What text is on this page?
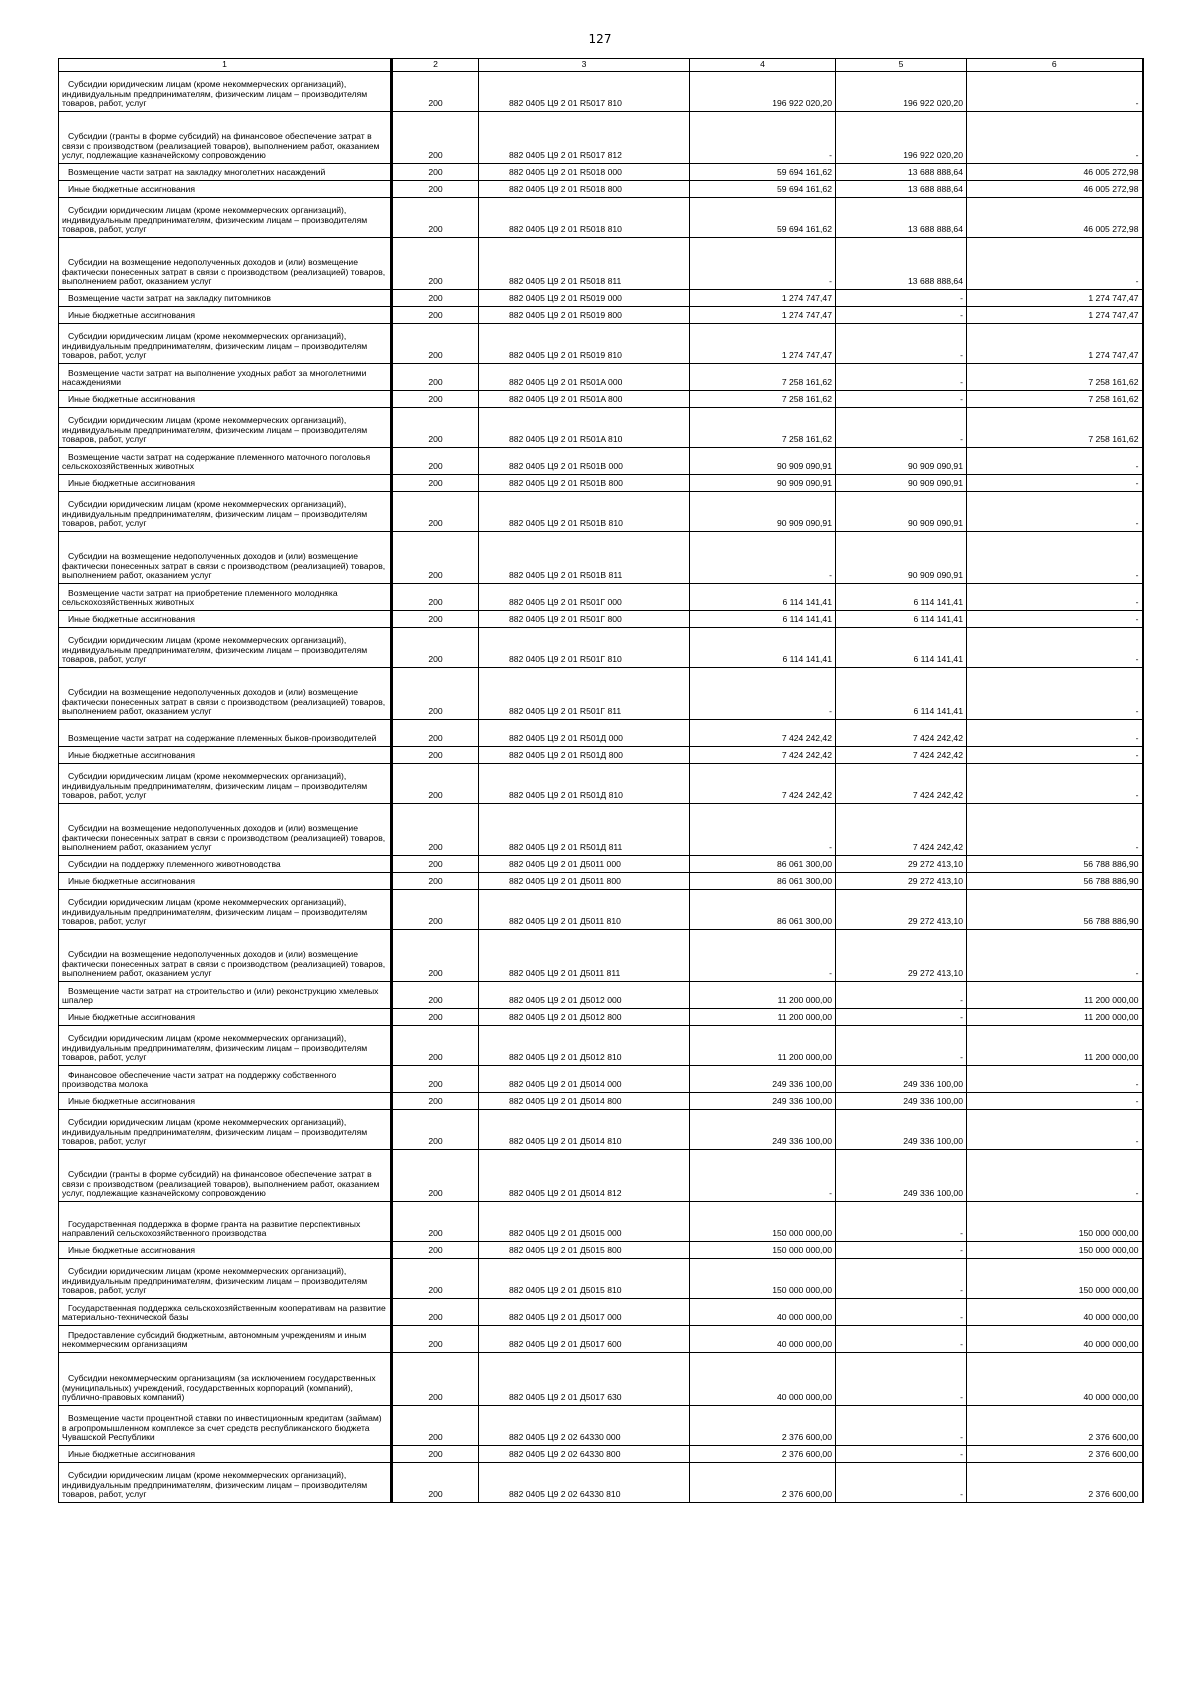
127
1	2	3	4	5	6
Субсидии юридическим лицам (кроме некоммерческих организаций), индивидуальным предпринимателям, физическим лицам – производителям товаров, работ, услуг	200	882 0405 Ц9 2 01 R5017 810	196 922 020,20	196 922 020,20	-
Субсидии (гранты в форме субсидий) на финансовое обеспечение затрат в связи с производством (реализацией товаров), выполнением работ, оказанием услуг, подлежащие казначейскому сопровождению	200	882 0405 Ц9 2 01 R5017 812	-	196 922 020,20	-
Возмещение части затрат на закладку многолетних насаждений	200	882 0405 Ц9 2 01 R5018 000	59 694 161,62	13 688 888,64	46 005 272,98
Иные бюджетные ассигнования	200	882 0405 Ц9 2 01 R5018 800	59 694 161,62	13 688 888,64	46 005 272,98
Субсидии юридическим лицам (кроме некоммерческих организаций), индивидуальным предпринимателям, физическим лицам – производителям товаров, работ, услуг	200	882 0405 Ц9 2 01 R5018 810	59 694 161,62	13 688 888,64	46 005 272,98
Субсидии на возмещение недополученных доходов и (или) возмещение фактически понесенных затрат в связи с производством (реализацией) товаров, выполнением работ, оказанием услуг	200	882 0405 Ц9 2 01 R5018 811	-	13 688 888,64	-
Возмещение части затрат на закладку питомников	200	882 0405 Ц9 2 01 R5019 000	1 274 747,47	-	1 274 747,47
Иные бюджетные ассигнования	200	882 0405 Ц9 2 01 R5019 800	1 274 747,47	-	1 274 747,47
Субсидии юридическим лицам (кроме некоммерческих организаций), индивидуальным предпринимателям, физическим лицам – производителям товаров, работ, услуг	200	882 0405 Ц9 2 01 R5019 810	1 274 747,47	-	1 274 747,47
Возмещение части затрат на выполнение уходных работ за многолетними насаждениями	200	882 0405 Ц9 2 01 R501A 000	7 258 161,62	-	7 258 161,62
Иные бюджетные ассигнования	200	882 0405 Ц9 2 01 R501A 800	7 258 161,62	-	7 258 161,62
Субсидии юридическим лицам (кроме некоммерческих организаций), индивидуальным предпринимателям, физическим лицам – производителям товаров, работ, услуг	200	882 0405 Ц9 2 01 R501A 810	7 258 161,62	-	7 258 161,62
Возмещение части затрат на содержание племенного маточного поголовья сельскохозяйственных животных	200	882 0405 Ц9 2 01 R501B 000	90 909 090,91	90 909 090,91	-
Иные бюджетные ассигнования	200	882 0405 Ц9 2 01 R501B 800	90 909 090,91	90 909 090,91	-
Субсидии юридическим лицам (кроме некоммерческих организаций), индивидуальным предпринимателям, физическим лицам – производителям товаров, работ, услуг	200	882 0405 Ц9 2 01 R501B 810	90 909 090,91	90 909 090,91	-
Субсидии на возмещение недополученных доходов и (или) возмещение фактически понесенных затрат в связи с производством (реализацией) товаров, выполнением работ, оказанием услуг	200	882 0405 Ц9 2 01 R501B 811	-	90 909 090,91	-
Возмещение части затрат на приобретение племенного молодняка сельскохозяйственных животных	200	882 0405 Ц9 2 01 R501Г 000	6 114 141,41	6 114 141,41	-
Иные бюджетные ассигнования	200	882 0405 Ц9 2 01 R501Г 800	6 114 141,41	6 114 141,41	-
Субсидии юридическим лицам (кроме некоммерческих организаций), индивидуальным предпринимателям, физическим лицам – производителям товаров, работ, услуг	200	882 0405 Ц9 2 01 R501Г 810	6 114 141,41	6 114 141,41	-
Субсидии на возмещение недополученных доходов и (или) возмещение фактически понесенных затрат в связи с производством (реализацией) товаров, выполнением работ, оказанием услуг	200	882 0405 Ц9 2 01 R501Г 811	-	6 114 141,41	-
Возмещение части затрат на содержание племенных быков-производителей	200	882 0405 Ц9 2 01 R501Д 000	7 424 242,42	7 424 242,42	-
Иные бюджетные ассигнования	200	882 0405 Ц9 2 01 R501Д 800	7 424 242,42	7 424 242,42	-
Субсидии юридическим лицам (кроме некоммерческих организаций), индивидуальным предпринимателям, физическим лицам – производителям товаров, работ, услуг	200	882 0405 Ц9 2 01 R501Д 810	7 424 242,42	7 424 242,42	-
Субсидии на возмещение недополученных доходов и (или) возмещение фактически понесенных затрат в связи с производством (реализацией) товаров, выполнением работ, оказанием услуг	200	882 0405 Ц9 2 01 R501Д 811	-	7 424 242,42	-
Субсидии на поддержку племенного животноводства	200	882 0405 Ц9 2 01 Д5011 000	86 061 300,00	29 272 413,10	56 788 886,90
Иные бюджетные ассигнования	200	882 0405 Ц9 2 01 Д5011 800	86 061 300,00	29 272 413,10	56 788 886,90
Субсидии юридическим лицам (кроме некоммерческих организаций), индивидуальным предпринимателям, физическим лицам – производителям товаров, работ, услуг	200	882 0405 Ц9 2 01 Д5011 810	86 061 300,00	29 272 413,10	56 788 886,90
Субсидии на возмещение недополученных доходов и (или) возмещение фактически понесенных затрат в связи с производством (реализацией) товаров, выполнением работ, оказанием услуг	200	882 0405 Ц9 2 01 Д5011 811	-	29 272 413,10	-
Возмещение части затрат на строительство и (или) реконструкцию хмелевых шпалер	200	882 0405 Ц9 2 01 Д5012 000	11 200 000,00	-	11 200 000,00
Иные бюджетные ассигнования	200	882 0405 Ц9 2 01 Д5012 800	11 200 000,00	-	11 200 000,00
Субсидии юридическим лицам (кроме некоммерческих организаций), индивидуальным предпринимателям, физическим лицам – производителям товаров, работ, услуг	200	882 0405 Ц9 2 01 Д5012 810	11 200 000,00	-	11 200 000,00
Финансовое обеспечение части затрат на поддержку собственного производства молока	200	882 0405 Ц9 2 01 Д5014 000	249 336 100,00	249 336 100,00	-
Иные бюджетные ассигнования	200	882 0405 Ц9 2 01 Д5014 800	249 336 100,00	249 336 100,00	-
Субсидии юридическим лицам (кроме некоммерческих организаций), индивидуальным предпринимателям, физическим лицам – производителям товаров, работ, услуг	200	882 0405 Ц9 2 01 Д5014 810	249 336 100,00	249 336 100,00	-
Субсидии (гранты в форме субсидий) на финансовое обеспечение затрат в связи с производством (реализацией товаров), выполнением работ, оказанием услуг, подлежащие казначейскому сопровождению	200	882 0405 Ц9 2 01 Д5014 812	-	249 336 100,00	-
Государственная поддержка в форме гранта на развитие перспективных направлений сельскохозяйственного производства	200	882 0405 Ц9 2 01 Д5015 000	150 000 000,00	-	150 000 000,00
Иные бюджетные ассигнования	200	882 0405 Ц9 2 01 Д5015 800	150 000 000,00	-	150 000 000,00
Субсидии юридическим лицам (кроме некоммерческих организаций), индивидуальным предпринимателям, физическим лицам – производителям товаров, работ, услуг	200	882 0405 Ц9 2 01 Д5015 810	150 000 000,00	-	150 000 000,00
Государственная поддержка сельскохозяйственным кооперативам на развитие материально-технической базы	200	882 0405 Ц9 2 01 Д5017 000	40 000 000,00	-	40 000 000,00
Предоставление субсидий бюджетным, автономным учреждениям и иным некоммерческим организациям	200	882 0405 Ц9 2 01 Д5017 600	40 000 000,00	-	40 000 000,00
Субсидии некоммерческим организациям (за исключением государственных (муниципальных) учреждений, государственных корпораций (компаний), публично-правовых компаний)	200	882 0405 Ц9 2 01 Д5017 630	40 000 000,00	-	40 000 000,00
Возмещение части процентной ставки по инвестиционным кредитам (займам) в агропромышленном комплексе за счет средств республиканского бюджета Чувашской Республики	200	882 0405 Ц9 2 02 64330 000	2 376 600,00	-	2 376 600,00
Иные бюджетные ассигнования	200	882 0405 Ц9 2 02 64330 800	2 376 600,00	-	2 376 600,00
Субсидии юридическим лицам (кроме некоммерческих организаций), индивидуальным предпринимателям, физическим лицам – производителям товаров, работ, услуг	200	882 0405 Ц9 2 02 64330 810	2 376 600,00	-	2 376 600,00
